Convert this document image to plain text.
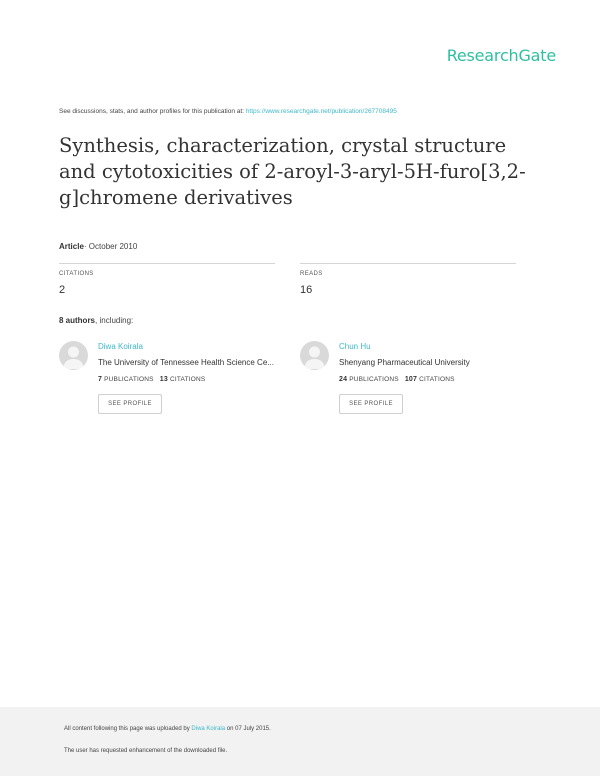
ResearchGate
See discussions, stats, and author profiles for this publication at: https://www.researchgate.net/publication/267708495
Synthesis, characterization, crystal structure and cytotoxicities of 2-aroyl-3-aryl-5H-furo[3,2-g]chromene derivatives
Article· October 2010
CITATIONS
2
READS
16
8 authors, including:
Diwa Koirala
The University of Tennessee Health Science Ce...
7 PUBLICATIONS 13 CITATIONS
SEE PROFILE
Chun Hu
Shenyang Pharmaceutical University
24 PUBLICATIONS 107 CITATIONS
SEE PROFILE
All content following this page was uploaded by Diwa Koirala on 07 July 2015.
The user has requested enhancement of the downloaded file.
